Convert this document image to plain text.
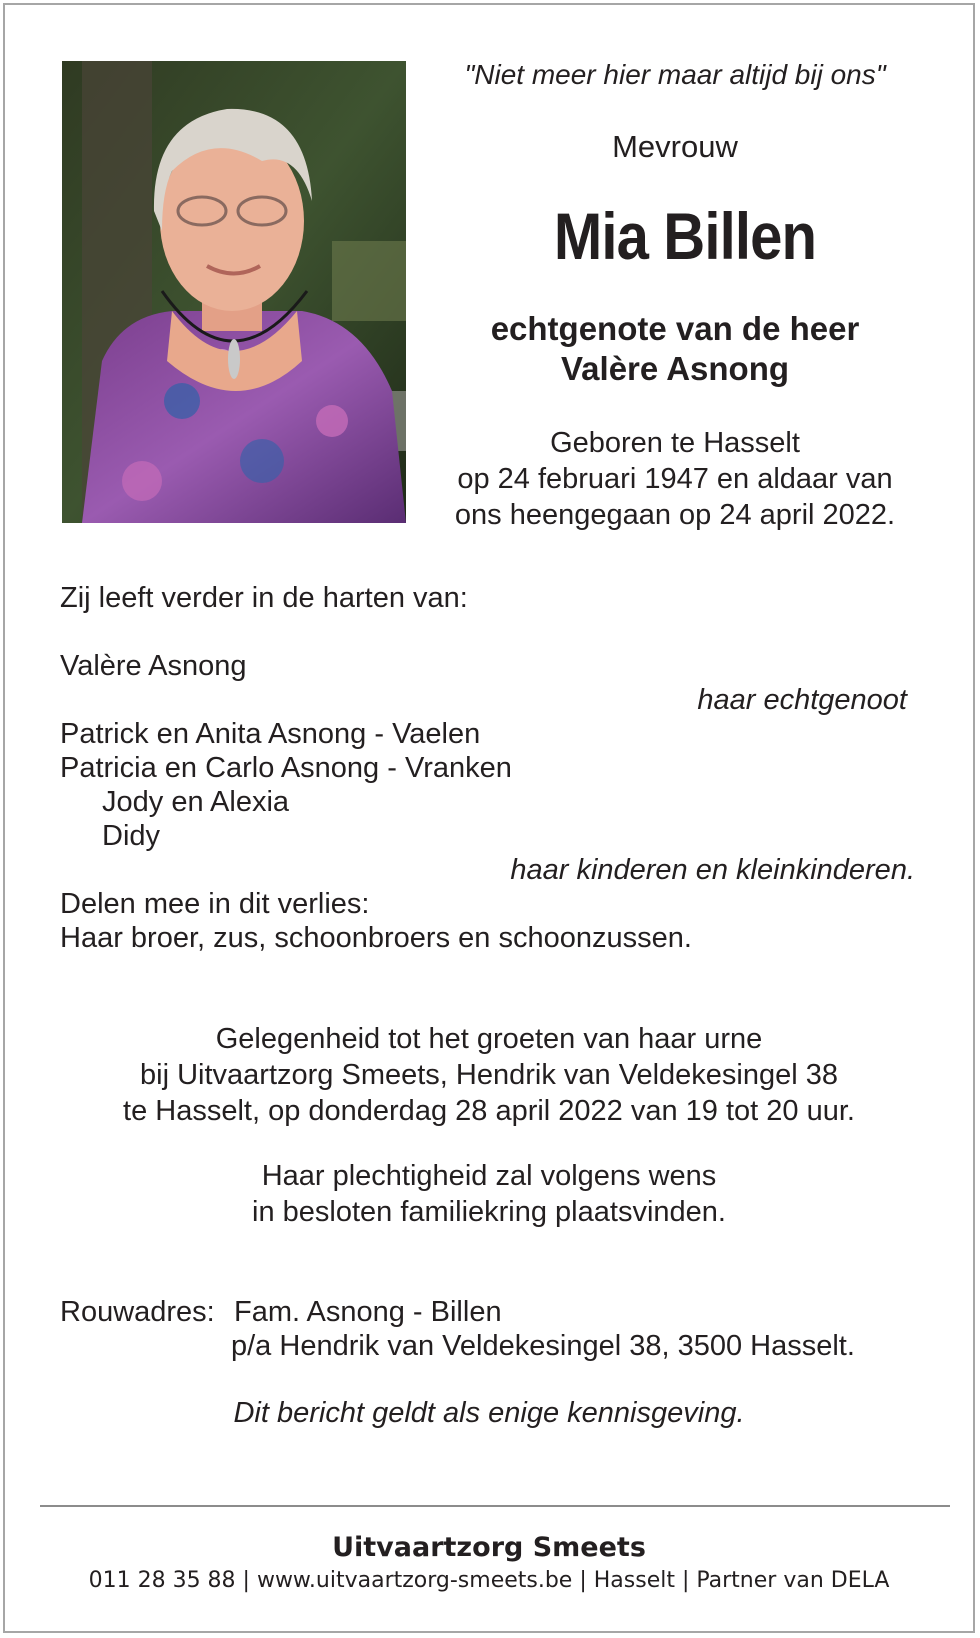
"Niet meer hier maar altijd bij ons"

Mevrouw

Mia Billen

echtgenote van de heer
Valère Asnong
Geboren te Hasselt
op 24 februari 1947 en aldaar van
ons heengegaan op 24 april 2022.

Zij leeft verder in de harten van:

Valère Asnong

haar echtgenoot

Patrick en Anita Asnong - Vaelen

Patricia en Carlo Asnong - Vranken

Jody en Alexia

Didy

haar kinderen en kleinkinderen.

Delen mee in dit verlies:

Haar broer, zus, schoonbroers en schoonzussen.

Gelegenheid tot het groeten van haar urne
bij Uitvaartzorg Smeets, Hendrik van Veldekesingel 38
te Hasselt, op donderdag 28 april 2022 van 19 tot 20 uur.
Haar plechtigheid zal volgens wens
in besloten familiekring plaatsvinden.

Rouwadres: Fam. Asnong - Billen

p/a Hendrik van Veldekesingel 38, 3500 Hasselt.

Dit bericht geldt als enige kennisgeving.

Uitvaartzorg Smeets

011 28 35 88 | www.uitvaartzorg-smeets.be | Hasselt | Partner van DELA
